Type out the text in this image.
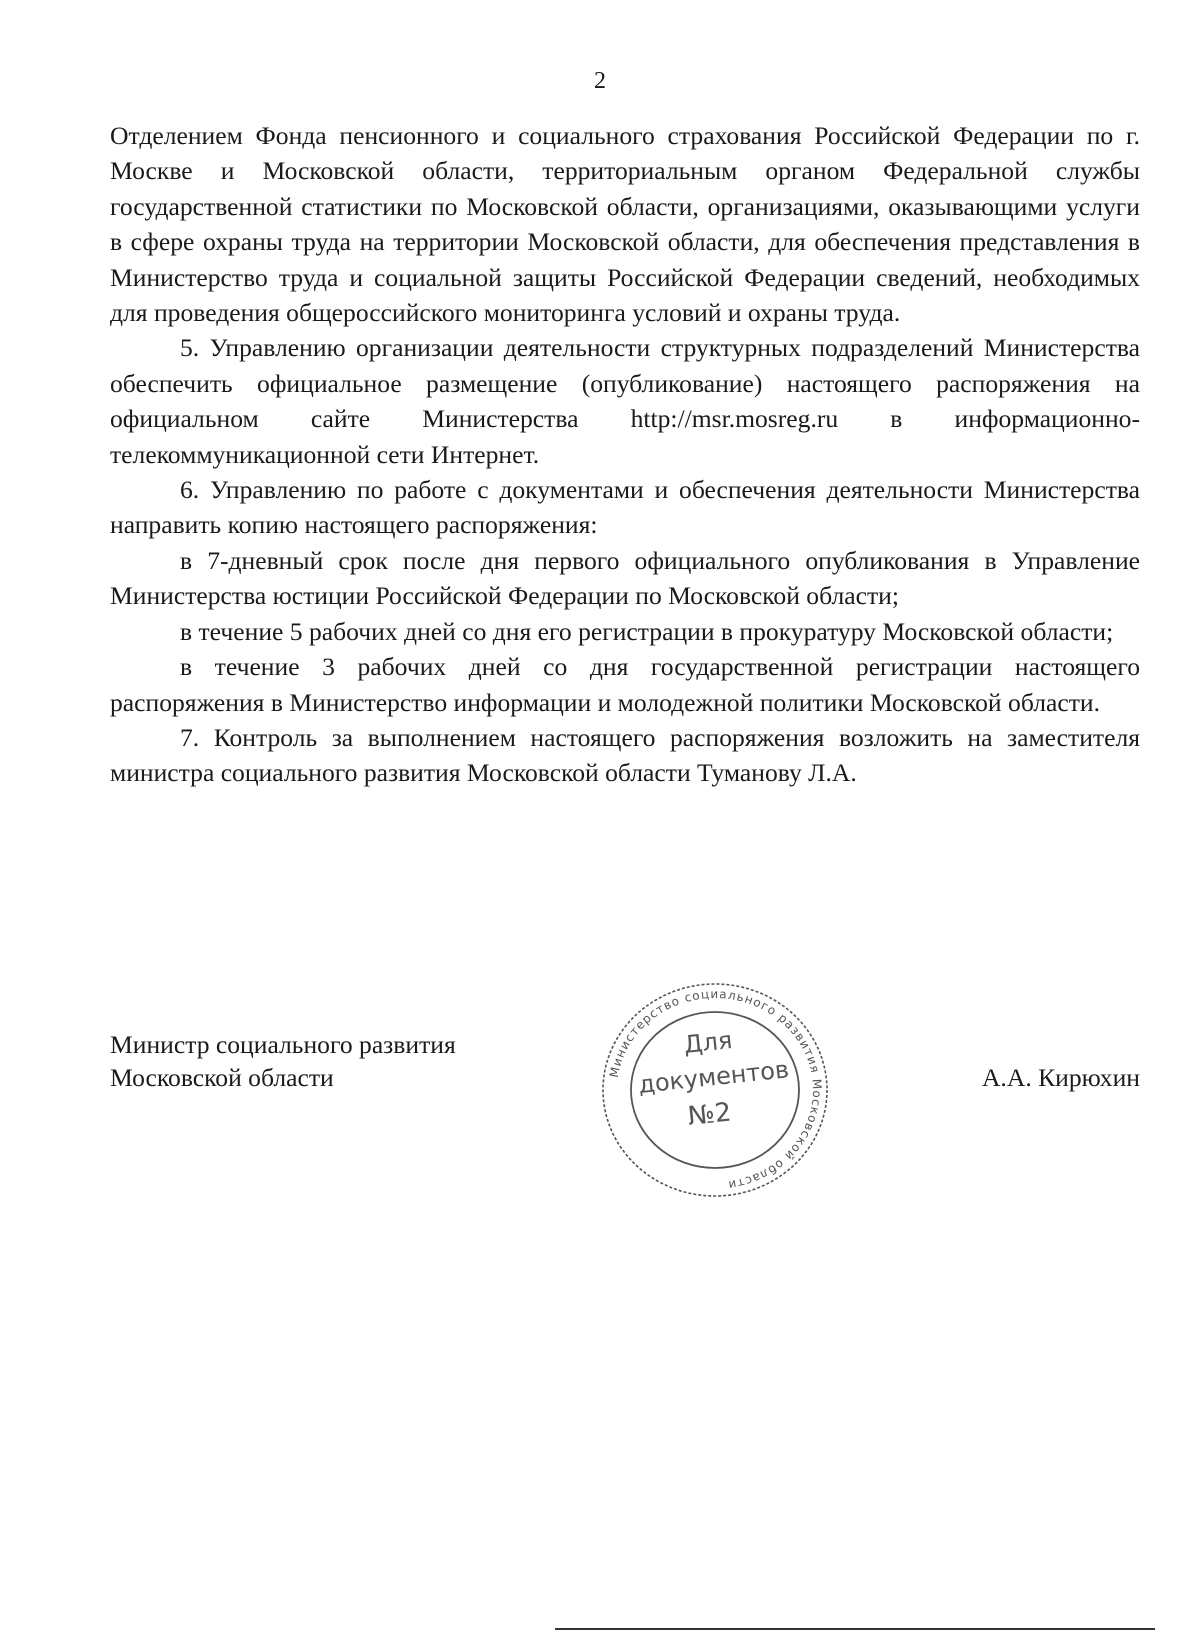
2

Отделением Фонда пенсионного и социального страхования Российской Федерации по г. Москве и Московской области, территориальным органом Федеральной службы государственной статистики по Московской области, организациями, оказывающими услуги в сфере охраны труда на территории Московской области, для обеспечения представления в Министерство труда и социальной защиты Российской Федерации сведений, необходимых для проведения общероссийского мониторинга условий и охраны труда.

5. Управлению организации деятельности структурных подразделений Министерства обеспечить официальное размещение (опубликование) настоящего распоряжения на официальном сайте Министерства http://msr.mosreg.ru в информационно-телекоммуникационной сети Интернет.

6. Управлению по работе с документами и обеспечения деятельности Министерства направить копию настоящего распоряжения:

в 7-дневный срок после дня первого официального опубликования в Управление Министерства юстиции Российской Федерации по Московской области;

в течение 5 рабочих дней со дня его регистрации в прокуратуру Московской области;

в течение 3 рабочих дней со дня государственной регистрации настоящего распоряжения в Министерство информации и молодежной политики Московской области.

7. Контроль за выполнением настоящего распоряжения возложить на заместителя министра социального развития Московской области Туманову Л.А.

Министр социального развития
Московской области	Министерство социального развития Московской области
Для
документов
№2
А.А. Кирюхин
